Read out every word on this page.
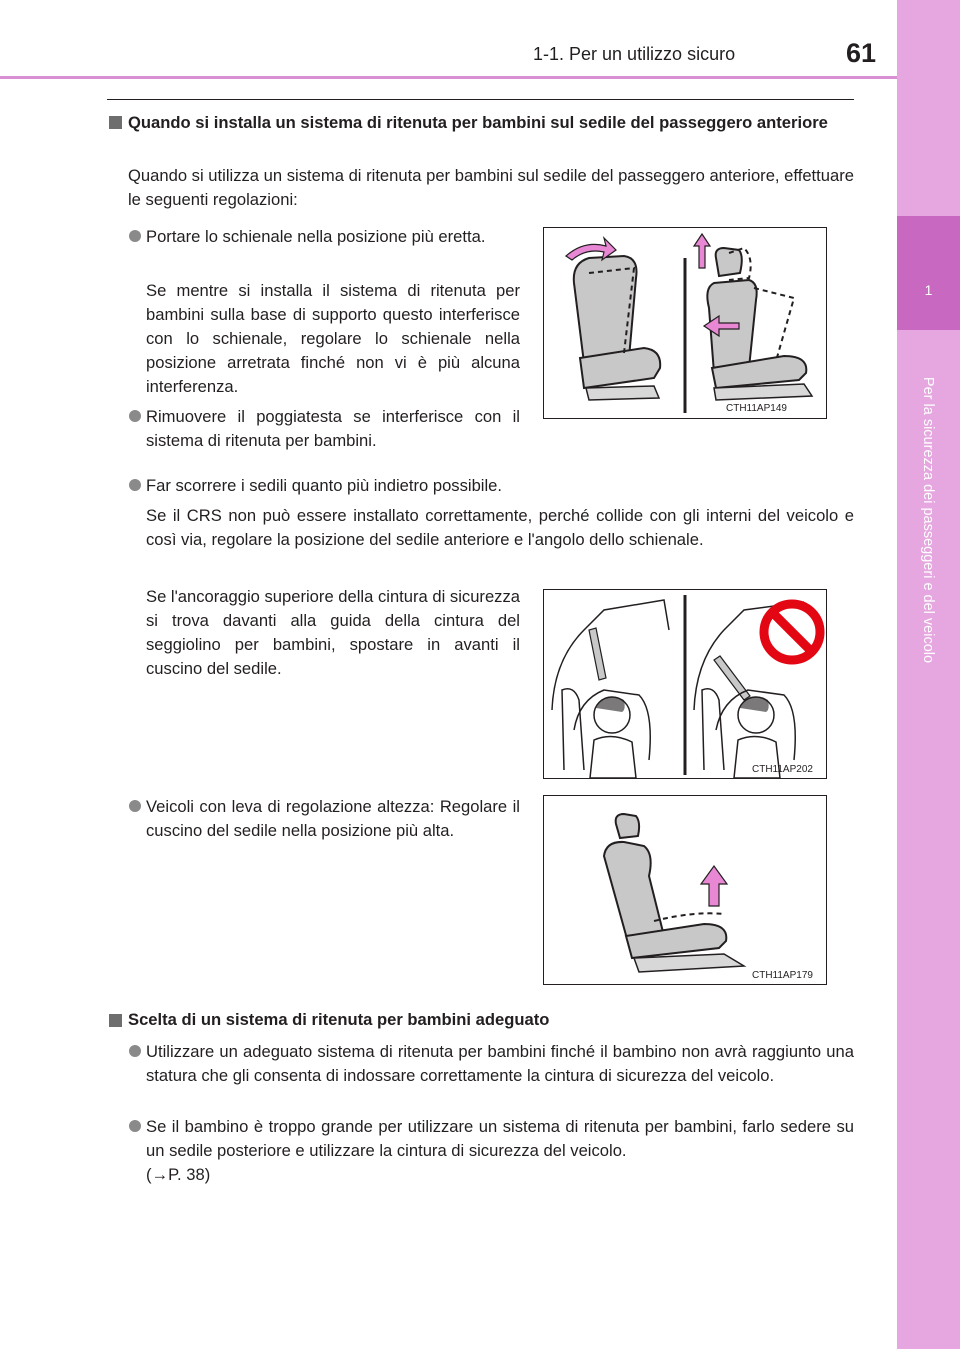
1-1. Per un utilizzo sicuro	61
1
Per la sicurezza dei passeggeri e del veicolo
Quando si installa un sistema di ritenuta per bambini sul sedile del passeggero anteriore
Quando si utilizza un sistema di ritenuta per bambini sul sedile del passeggero anteriore, effettuare le seguenti regolazioni:
Portare lo schienale nella posizione più eretta.
Se mentre si installa il sistema di ritenuta per bambini sulla base di supporto questo interferisce con lo schienale, regolare lo schienale nella posizione arretrata finché non vi è più alcuna interferenza.
Rimuovere il poggiatesta se interferisce con il sistema di ritenuta per bambini.
CTH11AP149
Far scorrere i sedili quanto più indietro possibile.
Se il CRS non può essere installato correttamente, perché collide con gli interni del veicolo e così via, regolare la posizione del sedile anteriore e l'angolo dello schienale.
Se l'ancoraggio superiore della cintura di sicurezza si trova davanti alla guida della cintura del seggiolino per bambini, spostare in avanti il cuscino del sedile.
CTH11AP202
Veicoli con leva di regolazione altezza: Regolare il cuscino del sedile nella posizione più alta.
CTH11AP179
Scelta di un sistema di ritenuta per bambini adeguato
Utilizzare un adeguato sistema di ritenuta per bambini finché il bambino non avrà raggiunto una statura che gli consenta di indossare correttamente la cintura di sicurezza del veicolo.
Se il bambino è troppo grande per utilizzare un sistema di ritenuta per bambini, farlo sedere su un sedile posteriore e utilizzare la cintura di sicurezza del veicolo.
(→P. 38)
